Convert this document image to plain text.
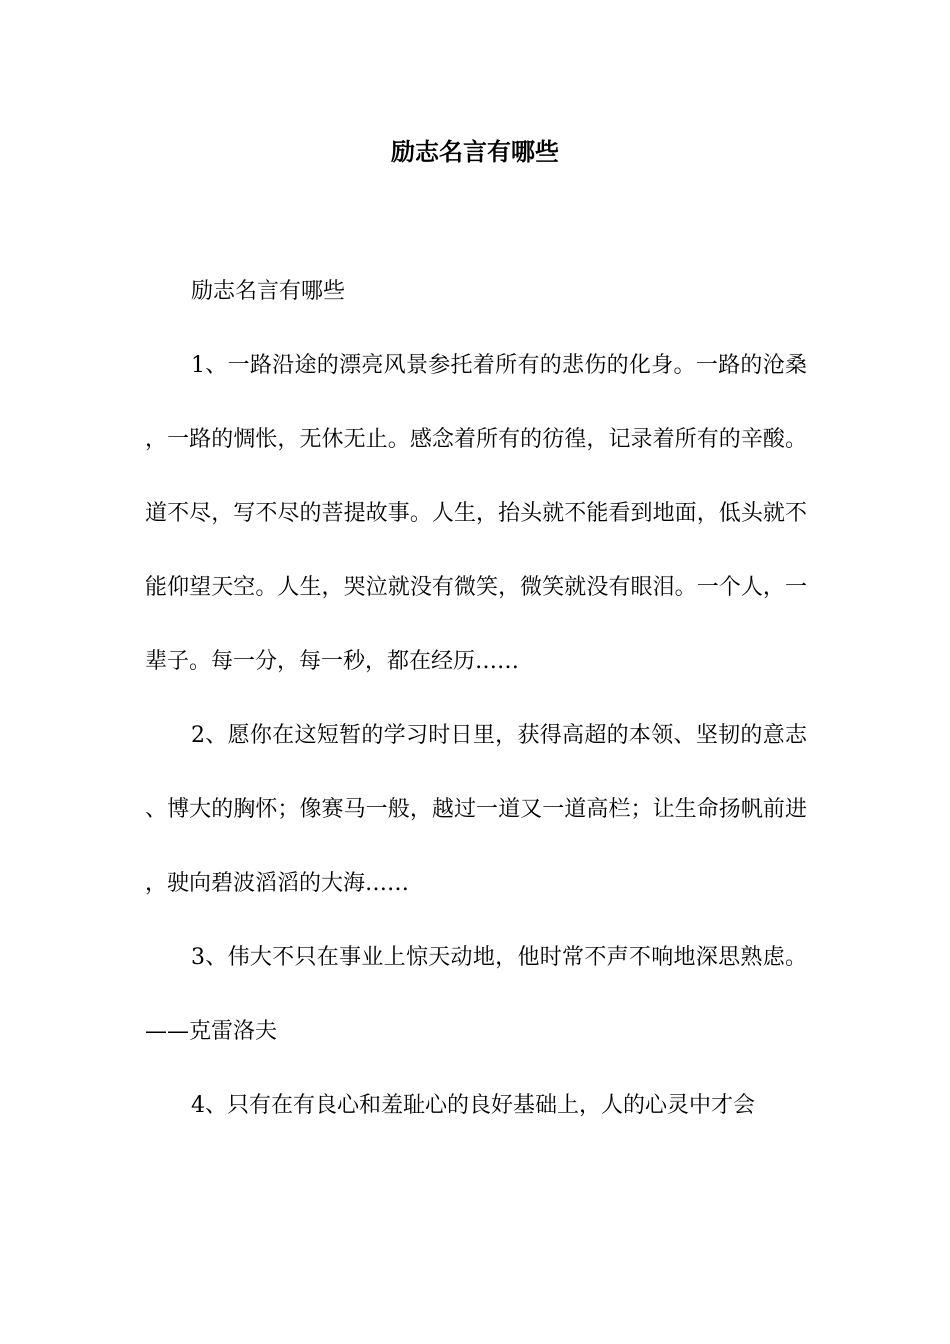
励志名言有哪些

励志名言有哪些

1、一路沿途的漂亮风景参托着所有的悲伤的化身。一路的沧桑，一路的惆怅，无休无止。感念着所有的彷徨，记录着所有的辛酸。道不尽，写不尽的菩提故事。人生，抬头就不能看到地面，低头就不能仰望天空。人生，哭泣就没有微笑，微笑就没有眼泪。一个人，一辈子。每一分，每一秒，都在经历……

2、愿你在这短暂的学习时日里，获得高超的本领、坚韧的意志、博大的胸怀；像赛马一般，越过一道又一道高栏；让生命扬帆前进，驶向碧波滔滔的大海……

3、伟大不只在事业上惊天动地，他时常不声不响地深思熟虑。——克雷洛夫

4、只有在有良心和羞耻心的良好基础上，人的心灵中才会
